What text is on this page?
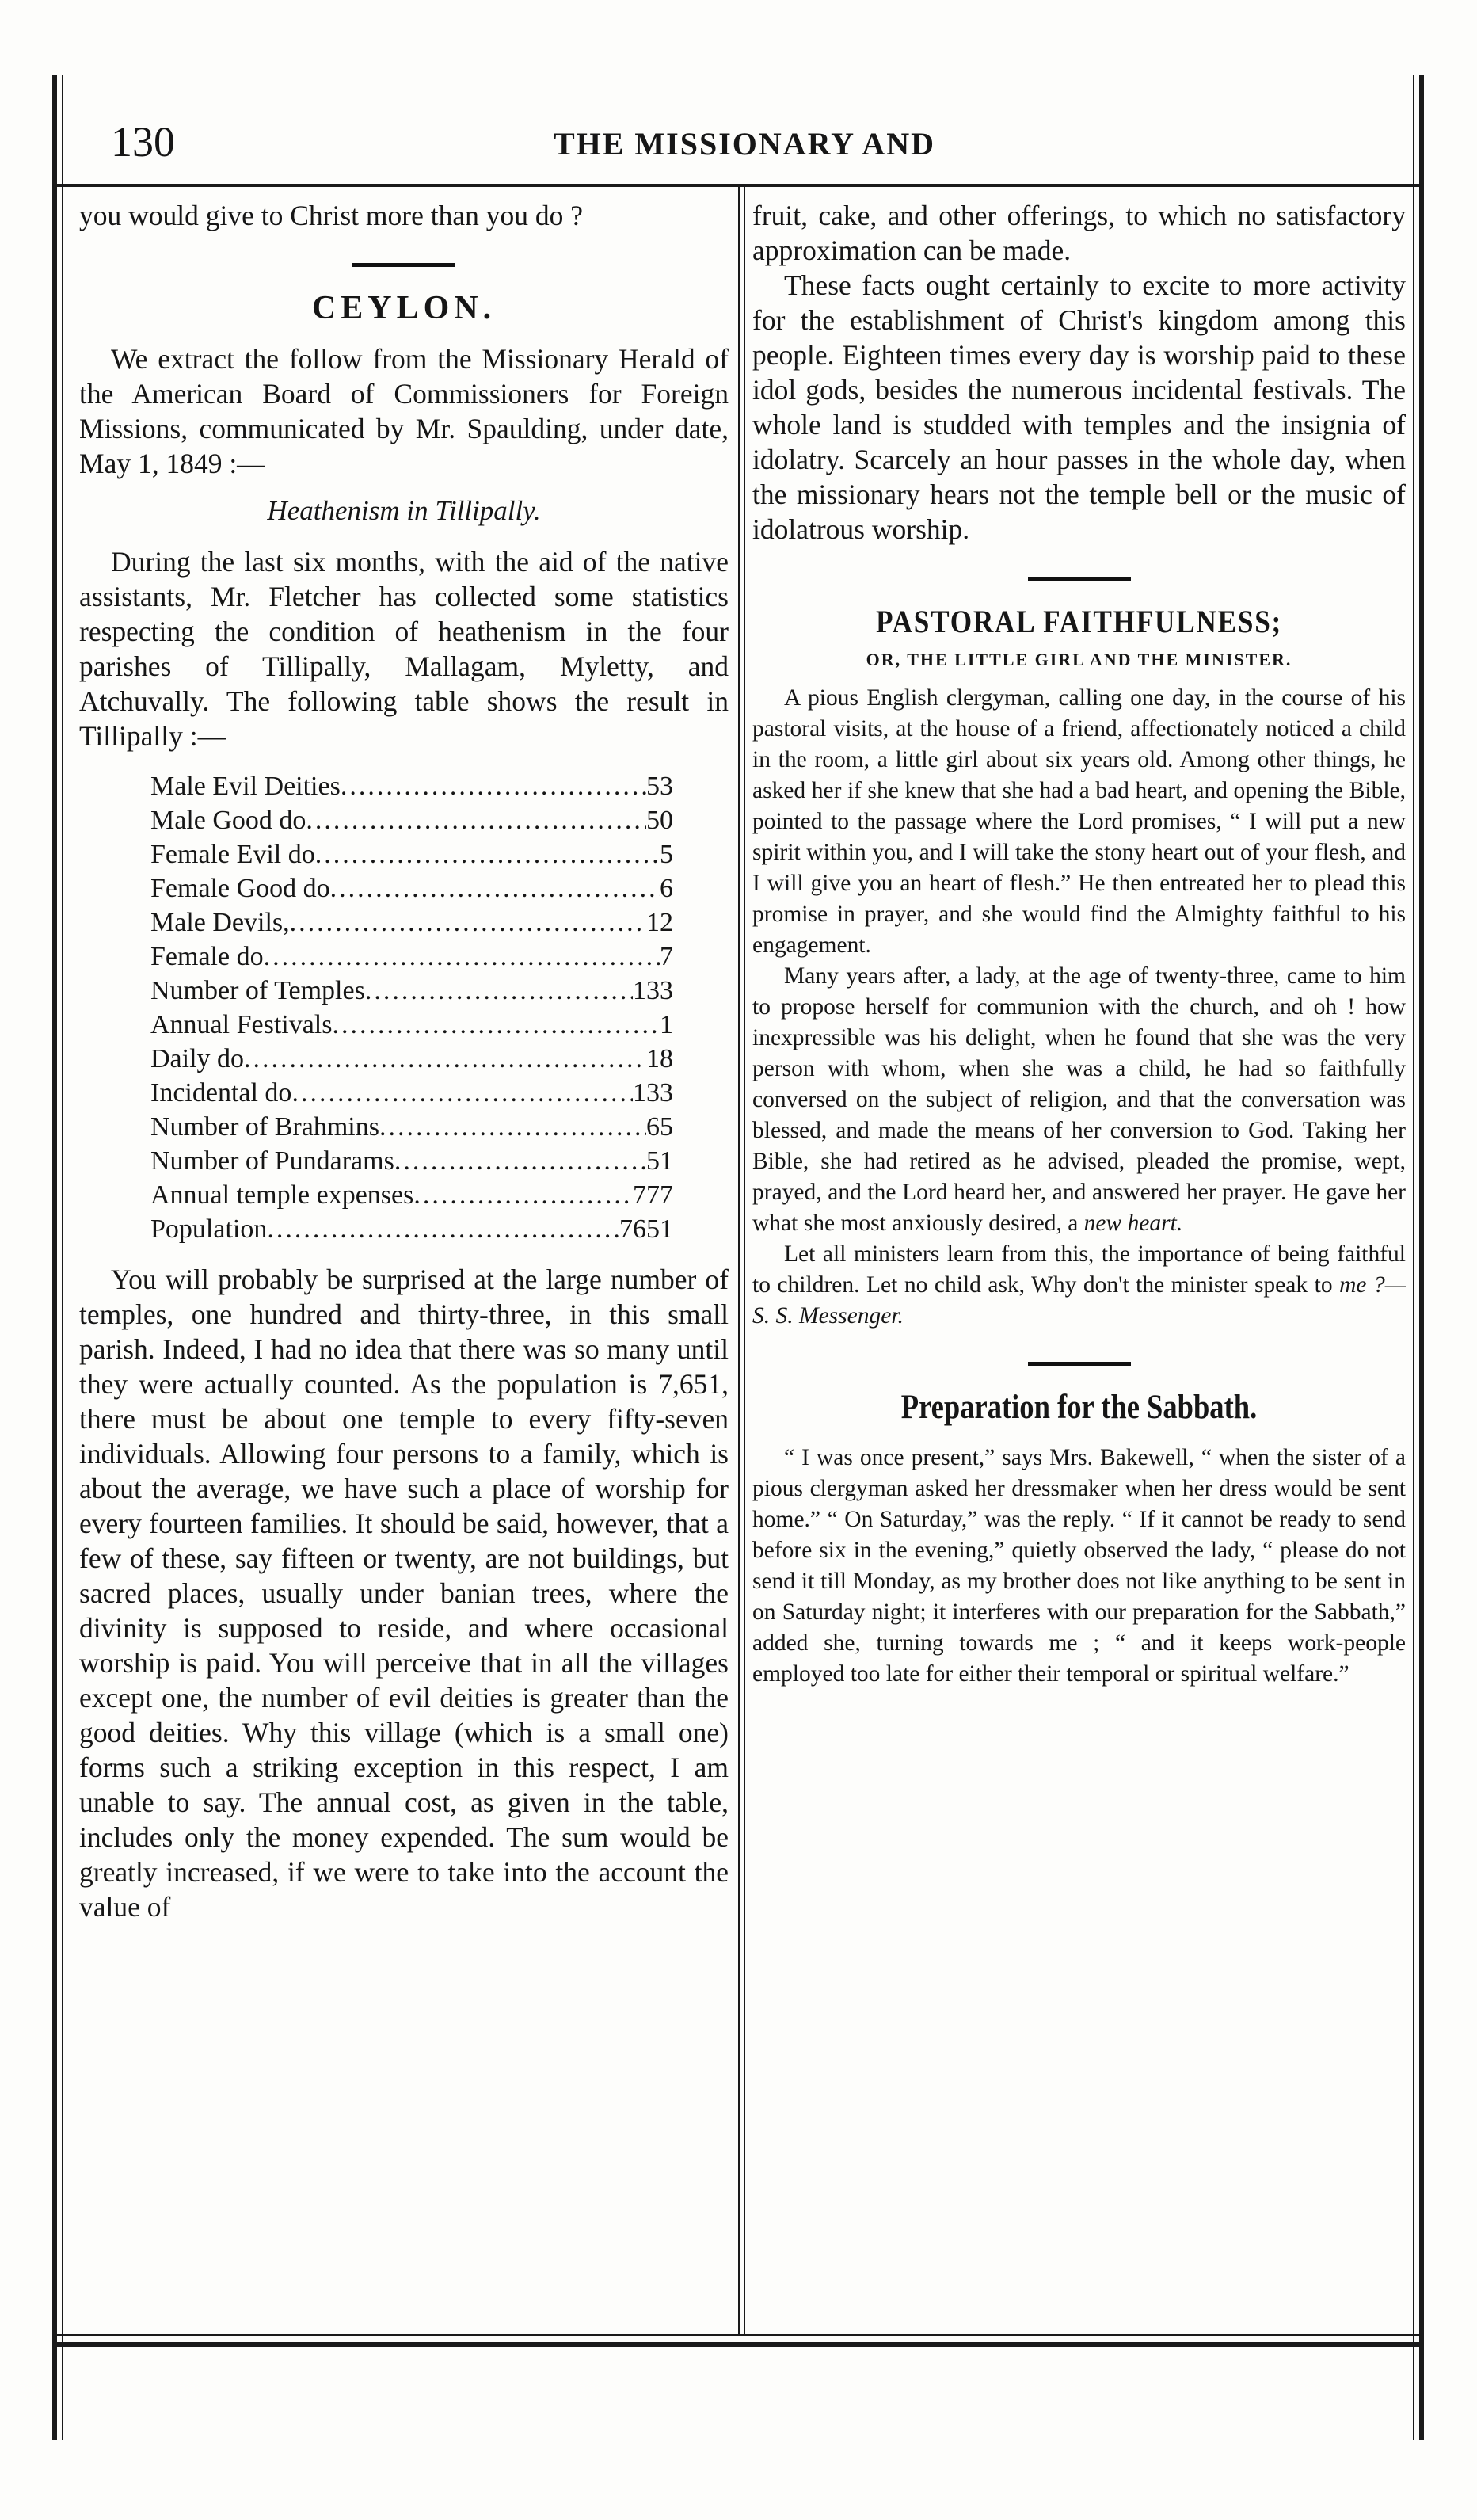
130	THE MISSIONARY AND

you would give to Christ more than you do ?

CEYLON.

We extract the follow from the Missionary Herald of the American Board of Commissioners for Foreign Missions, communicated by Mr. Spaulding, under date, May 1, 1849 :—

Heathenism in Tillipally.

During the last six months, with the aid of the native assistants, Mr. Fletcher has collected some statistics respecting the condition of heathenism in the four parishes of Tillipally, Mallagam, Myletty, and Atchuvally. The following table shows the result in Tillipally :—

Male Evil Deities .....	53
Male Good do .....	50
Female Evil do .....	5
Female Good do .....	6
Male Devils, .....	12
Female do .....	7
Number of Temples .....	133
Annual Festivals .....	1
Daily do .....	18
Incidental do .....	133
Number of Brahmins .....	65
Number of Pundarams .....	51
Annual temple expenses .....	777
Population .....	7651

You will probably be surprised at the large number of temples, one hundred and thirty-three, in this small parish. Indeed, I had no idea that there was so many until they were actually counted. As the population is 7,651, there must be about one temple to every fifty-seven individuals. Allowing four persons to a family, which is about the average, we have such a place of worship for every fourteen families. It should be said, however, that a few of these, say fifteen or twenty, are not buildings, but sacred places, usually under banian trees, where the divinity is supposed to reside, and where occasional worship is paid. You will perceive that in all the villages except one, the number of evil deities is greater than the good deities. Why this village (which is a small one) forms such a striking exception in this respect, I am unable to say. The annual cost, as given in the table, includes only the money expended. The sum would be greatly increased, if we were to take into the account the value of

fruit, cake, and other offerings, to which no satisfactory approximation can be made.

These facts ought certainly to excite to more activity for the establishment of Christ's kingdom among this people. Eighteen times every day is worship paid to these idol gods, besides the numerous incidental festivals. The whole land is studded with temples and the insignia of idolatry. Scarcely an hour passes in the whole day, when the missionary hears not the temple bell or the music of idolatrous worship.

PASTORAL FAITHFULNESS;
OR, THE LITTLE GIRL AND THE MINISTER.

A pious English clergyman, calling one day, in the course of his pastoral visits, at the house of a friend, affectionately noticed a child in the room, a little girl about six years old. Among other things, he asked her if she knew that she had a bad heart, and opening the Bible, pointed to the passage where the Lord promises, “ I will put a new spirit within you, and I will take the stony heart out of your flesh, and I will give you an heart of flesh.” He then entreated her to plead this promise in prayer, and she would find the Almighty faithful to his engagement.

Many years after, a lady, at the age of twenty-three, came to him to propose herself for communion with the church, and oh ! how inexpressible was his delight, when he found that she was the very person with whom, when she was a child, he had so faithfully conversed on the subject of religion, and that the conversation was blessed, and made the means of her conversion to God. Taking her Bible, she had retired as he advised, pleaded the promise, wept, prayed, and the Lord heard her, and answered her prayer. He gave her what she most anxiously desired, a new heart.

Let all ministers learn from this, the importance of being faithful to children. Let no child ask, Why don't the minister speak to me ?—S. S. Messenger.

Preparation for the Sabbath.

“ I was once present,” says Mrs. Bakewell, “ when the sister of a pious clergyman asked her dressmaker when her dress would be sent home.” “ On Saturday,” was the reply. “ If it cannot be ready to send before six in the evening,” quietly observed the lady, “ please do not send it till Monday, as my brother does not like anything to be sent in on Saturday night; it interferes with our preparation for the Sabbath,” added she, turning towards me ; “ and it keeps work-people employed too late for either their temporal or spiritual welfare.”
